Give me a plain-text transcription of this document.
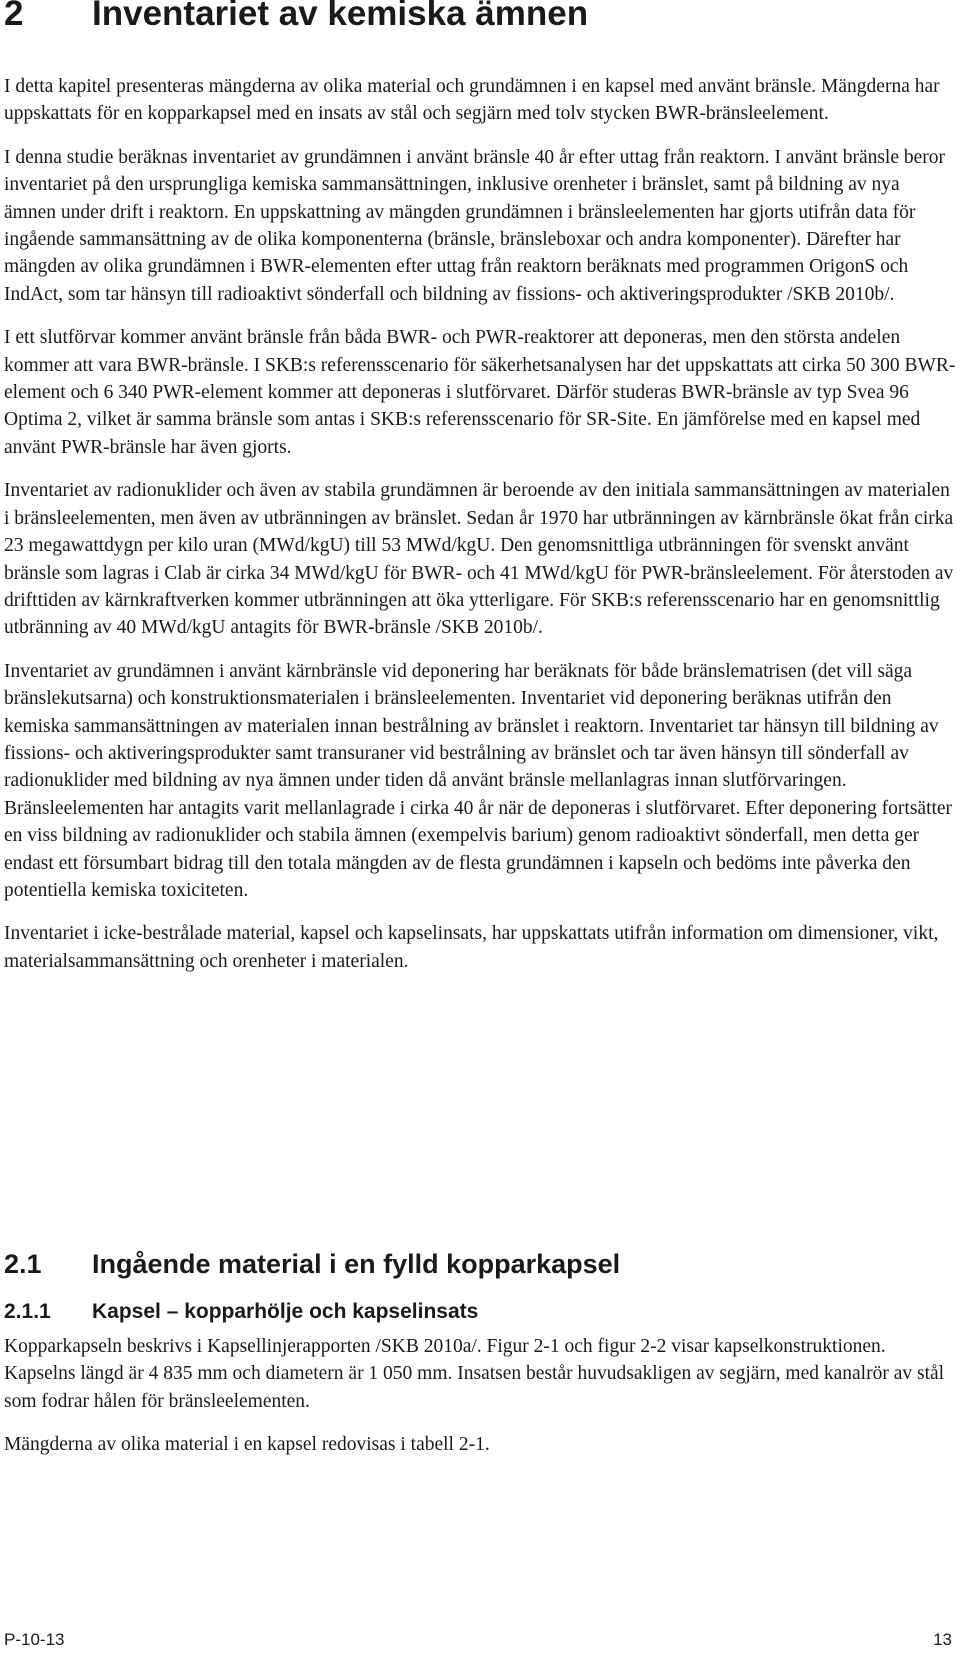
2 Inventariet av kemiska ämnen

I detta kapitel presenteras mängderna av olika material och grundämnen i en kapsel med använt bränsle. Mängderna har uppskattats för en kopparkapsel med en insats av stål och segjärn med tolv stycken BWR-bränsleelement.

I denna studie beräknas inventariet av grundämnen i använt bränsle 40 år efter uttag från reaktorn. I använt bränsle beror inventariet på den ursprungliga kemiska sammansättningen, inklusive orenheter i bränslet, samt på bildning av nya ämnen under drift i reaktorn. En uppskattning av mängden grundämnen i bränsleelementen har gjorts utifrån data för ingående sammansättning av de olika komponenterna (bränsle, bränsleboxar och andra komponenter). Därefter har mängden av olika grundämnen i BWR-elementen efter uttag från reaktorn beräknats med programmen OrigonS och IndAct, som tar hänsyn till radioaktivt sönderfall och bildning av fissions- och aktiveringsprodukter /SKB 2010b/.

I ett slutförvar kommer använt bränsle från båda BWR- och PWR-reaktorer att deponeras, men den största andelen kommer att vara BWR-bränsle. I SKB:s referensscenario för säkerhetsanalysen har det uppskattats att cirka 50 300 BWR-element och 6 340 PWR-element kommer att deponeras i slutförvaret. Därför studeras BWR-bränsle av typ Svea 96 Optima 2, vilket är samma bränsle som antas i SKB:s referensscenario för SR-Site. En jämförelse med en kapsel med använt PWR-bränsle har även gjorts.

Inventariet av radionuklider och även av stabila grundämnen är beroende av den initiala sammansättningen av materialen i bränsleelementen, men även av utbränningen av bränslet. Sedan år 1970 har utbränningen av kärnbränsle ökat från cirka 23 megawattdygn per kilo uran (MWd/kgU) till 53 MWd/kgU. Den genomsnittliga utbränningen för svenskt använt bränsle som lagras i Clab är cirka 34 MWd/kgU för BWR- och 41 MWd/kgU för PWR-bränsleelement. För återstoden av drifttiden av kärnkraftverken kommer utbränningen att öka ytterligare. För SKB:s referensscenario har en genomsnittlig utbränning av 40 MWd/kgU antagits för BWR-bränsle /SKB 2010b/.

Inventariet av grundämnen i använt kärnbränsle vid deponering har beräknats för både bränslematrisen (det vill säga bränslekutsarna) och konstruktionsmaterialen i bränsleelementen. Inventariet vid deponering beräknas utifrån den kemiska sammansättningen av materialen innan bestrålning av bränslet i reaktorn. Inventariet tar hänsyn till bildning av fissions- och aktiveringsprodukter samt transuraner vid bestrålning av bränslet och tar även hänsyn till sönderfall av radionuklider med bildning av nya ämnen under tiden då använt bränsle mellanlagras innan slutförvaringen. Bränsleelementen har antagits varit mellanlagrade i cirka 40 år när de deponeras i slutförvaret. Efter deponering fortsätter en viss bildning av radionuklider och stabila ämnen (exempelvis barium) genom radioaktivt sönderfall, men detta ger endast ett försumbart bidrag till den totala mängden av de flesta grundämnen i kapseln och bedöms inte påverka den potentiella kemiska toxiciteten.

Inventariet i icke-bestrålade material, kapsel och kapselinsats, har uppskattats utifrån information om dimensioner, vikt, materialsammansättning och orenheter i materialen.

2.1 Ingående material i en fylld kopparkapsel
2.1.1 Kapsel – kopparhölje och kapselinsats

Kopparkapseln beskrivs i Kapsellinjerapporten /SKB 2010a/. Figur 2-1 och figur 2-2 visar kapselkonstruktionen. Kapselns längd är 4 835 mm och diametern är 1 050 mm. Insatsen består huvudsakligen av segjärn, med kanalrör av stål som fodrar hålen för bränsleelementen.

Mängderna av olika material i en kapsel redovisas i tabell 2-1.

P-10-13	13
